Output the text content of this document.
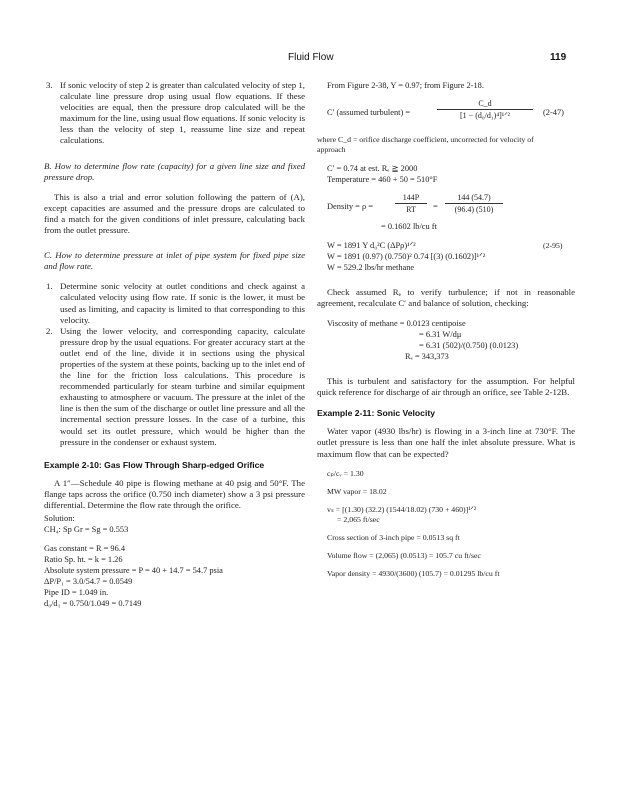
Fluid Flow	119
3. If sonic velocity of step 2 is greater than calculated velocity of step 1, calculate line pressure drop using usual flow equations. If these velocities are equal, then the pressure drop calculated will be the maximum for the line, using usual flow equations. If sonic velocity is less than the velocity of step 1, reassume line size and repeat calculations.

B. How to determine flow rate (capacity) for a given line size and fixed pressure drop.

This is also a trial and error solution following the pattern of (A), except capacities are assumed and the pressure drops are calculated to find a match for the given conditions of inlet pressure, calculating back from the outlet pressure.

C. How to determine pressure at inlet of pipe system for fixed pipe size and flow rate.

1. Determine sonic velocity at outlet conditions and check against a calculated velocity using flow rate. If sonic is the lower, it must be used as limiting, and capacity is limited to that corresponding to this velocity.
2. Using the lower velocity, and corresponding capacity, calculate pressure drop by the usual equations. For greater accuracy start at the outlet end of the line, divide it in sections using the physical properties of the system at these points, backing up to the inlet end of the line for the friction loss calculations. This procedure is recommended particularly for steam turbine and similar equipment exhausting to atmosphere or vacuum. The pressure at the inlet of the line is then the sum of the discharge or outlet line pressure and all the incremental section pressure losses. In the case of a turbine, this would set its outlet pressure, which would be higher than the pressure in the condenser or exhaust system.
Example 2-10: Gas Flow Through Sharp-edged Orifice

A 1″—Schedule 40 pipe is flowing methane at 40 psig and 50°F. The flange taps across the orifice (0.750 inch diameter) show a 3 psi pressure differential. Determine the flow rate through the orifice.

Solution:
CH₄: Sp Gr = Sg = 0.553
Gas constant = R = 96.4
Ratio Sp. ht. = k = 1.26
Absolute system pressure = P = 40 + 14.7 = 54.7 psia
ΔP/P₁ = 3.0/54.7 = 0.0549
Pipe ID = 1.049 in.
d₀/d₁ = 0.750/1.049 = 0.7149
From Figure 2-38, Y = 0.97; from Figure 2-18.
C′ (assumed turbulent) =
C_d
[1 − (d₀/d₁)⁴]¹ᐟ²	(2-47)
where C_d = orifice discharge coefficient, uncorrected for velocity of approach
C′ = 0.74 at est. Rₑ ≧ 2000
Temperature = 460 + 50 = 510°F
Density = ρ =	$\frac{144P}{RT} = \frac{144 (54.7)}{(96.4) (510)}$
= 0.1602 lb/cu ft
W = 1891 Y d₀²C (ΔPρ)¹ᐟ²	(2-95)
W = 1891 (0.97) (0.750)² 0.74 [(3) (0.1602)]¹ᐟ²
W = 529.2 lbs/hr methane

Check assumed Rₑ to verify turbulence; if not in reasonable agreement, recalculate C′ and balance of solution, checking:

Viscosity of methane = 0.0123 centipoise
= 6.31 W/dμ
= 6.31 (502)/(0.750) (0.0123)
Rₑ = 343,373

This is turbulent and satisfactory for the assumption. For helpful quick reference for discharge of air through an orifice, see Table 2-12B.

Example 2-11: Sonic Velocity

Water vapor (4930 lbs/hr) is flowing in a 3-inch line at 730°F. The outlet pressure is less than one half the inlet absolute pressure. What is maximum flow that can be expected?

cₚ/cᵥ = 1.30
MW vapor = 18.02
vₛ = [(1.30) (32.2) (1544/18.02) (730 + 460)]¹ᐟ²
= 2,065 ft/sec
Cross section of 3-inch pipe = 0.0513 sq ft
Volume flow = (2,065) (0.0513) = 105.7 cu ft/sec
Vapor density = 4930/(3600) (105.7) = 0.01295 lb/cu ft
